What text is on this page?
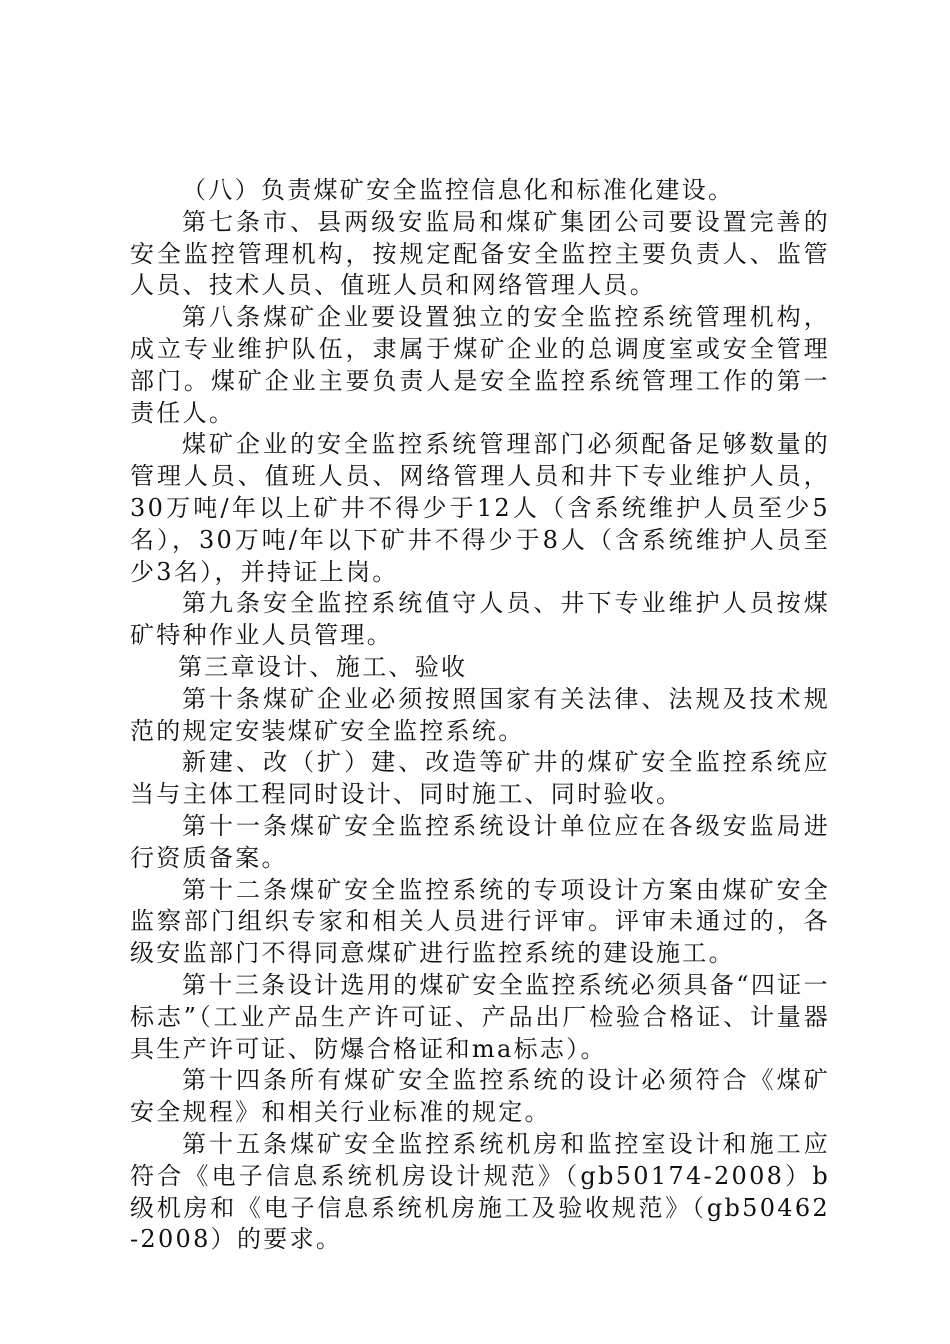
（八）负责煤矿安全监控信息化和标准化建设。

第七条市、县两级安监局和煤矿集团公司要设置完善的安全监控管理机构，按规定配备安全监控主要负责人、监管人员、技术人员、值班人员和网络管理人员。

第八条煤矿企业要设置独立的安全监控系统管理机构，成立专业维护队伍，隶属于煤矿企业的总调度室或安全管理部门。煤矿企业主要负责人是安全监控系统管理工作的第一责任人。

煤矿企业的安全监控系统管理部门必须配备足够数量的管理人员、值班人员、网络管理人员和井下专业维护人员，30万吨/年以上矿井不得少于12人（含系统维护人员至少5名），30万吨/年以下矿井不得少于8人（含系统维护人员至少3名），并持证上岗。

第九条安全监控系统值守人员、井下专业维护人员按煤矿特种作业人员管理。

第三章设计、施工、验收

第十条煤矿企业必须按照国家有关法律、法规及技术规范的规定安装煤矿安全监控系统。

新建、改（扩）建、改造等矿井的煤矿安全监控系统应当与主体工程同时设计、同时施工、同时验收。

第十一条煤矿安全监控系统设计单位应在各级安监局进行资质备案。

第十二条煤矿安全监控系统的专项设计方案由煤矿安全监察部门组织专家和相关人员进行评审。评审未通过的，各级安监部门不得同意煤矿进行监控系统的建设施工。

第十三条设计选用的煤矿安全监控系统必须具备“四证一标志”（工业产品生产许可证、产品出厂检验合格证、计量器具生产许可证、防爆合格证和ma标志）。

第十四条所有煤矿安全监控系统的设计必须符合《煤矿安全规程》和相关行业标准的规定。

第十五条煤矿安全监控系统机房和监控室设计和施工应符合《电子信息系统机房设计规范》（gb50174-2008）b级机房和《电子信息系统机房施工及验收规范》（gb50462-2008）的要求。
